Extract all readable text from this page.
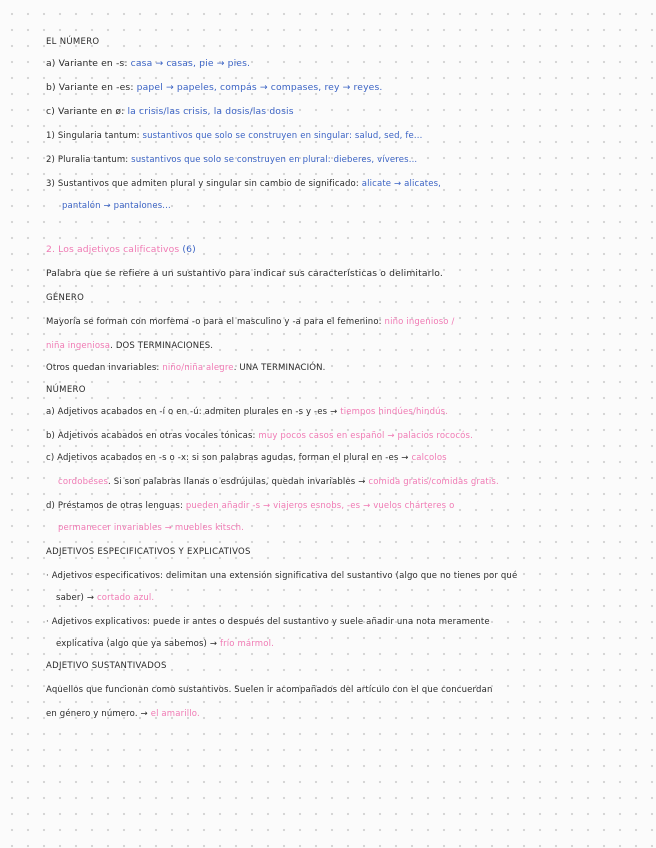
EL NÚMERO
a) Variante en -s: casa → casas, pie → pies.
b) Variante en -es: papel → papeles, compás → compases, rey → reyes.
c) Variante en ø: la crisis/las crisis, la dosis/las dosis
1) Singularia tantum: sustantivos que solo se construyen en singular: salud, sed, fe...
2) Pluralia tantum: sustantivos que solo se construyen en plural: dieberes, víveres...
3) Sustantivos que admiten plural y singular sin cambio de significado: alicate → alicates,
pantalón → pantalones...
2. Los adjetivos calificativos (6)
Palabra que se refiere a un sustantivo para indicar sus características o delimitarlo.
GÉNERO
Mayoría se forman con morfema -o para el masculino y -a para el femenino: niño ingenioso /
niña ingeniosa. DOS TERMINACIONES.
Otros quedan invariables: niño/niña alegre. UNA TERMINACIÓN.
NÚMERO
a) Adjetivos acabados en -í o en -ú: admiten plurales en -s y -es → tiempos hindúes/hindús.
b) Adjetivos acabados en otras vocales tónicas: muy pocos casos en español → palacios rococós.
c) Adjetivos acabados en -s o -x: si son palabras agudas, forman el plural en -es → calcolos
cordobeses. Si son palabras llanas o esdrújulas, quedan invariables → comida gratis/comidas gratis.
d) Préstamos de otras lenguas: pueden añadir -s → viajeros esnobs, -es → vuelos chárteres o
permanecer invariables → muebles kitsch.
ADJETIVOS ESPECIFICATIVOS Y EXPLICATIVOS
· Adjetivos especificativos: delimitan una extensión significativa del sustantivo (algo que no tienes por qué
saber) → cortado azul.
· Adjetivos explicativos: puede ir antes o después del sustantivo y suele añadir una nota meramente
explicativa (algo que ya sabemos) → frío mármol.
ADJETIVO SUSTANTIVADOS
Aquellos que funcionan como sustantivos. Suelen ir acompañados del artículo con el que concuerdan
en género y número. → el amarillo.
